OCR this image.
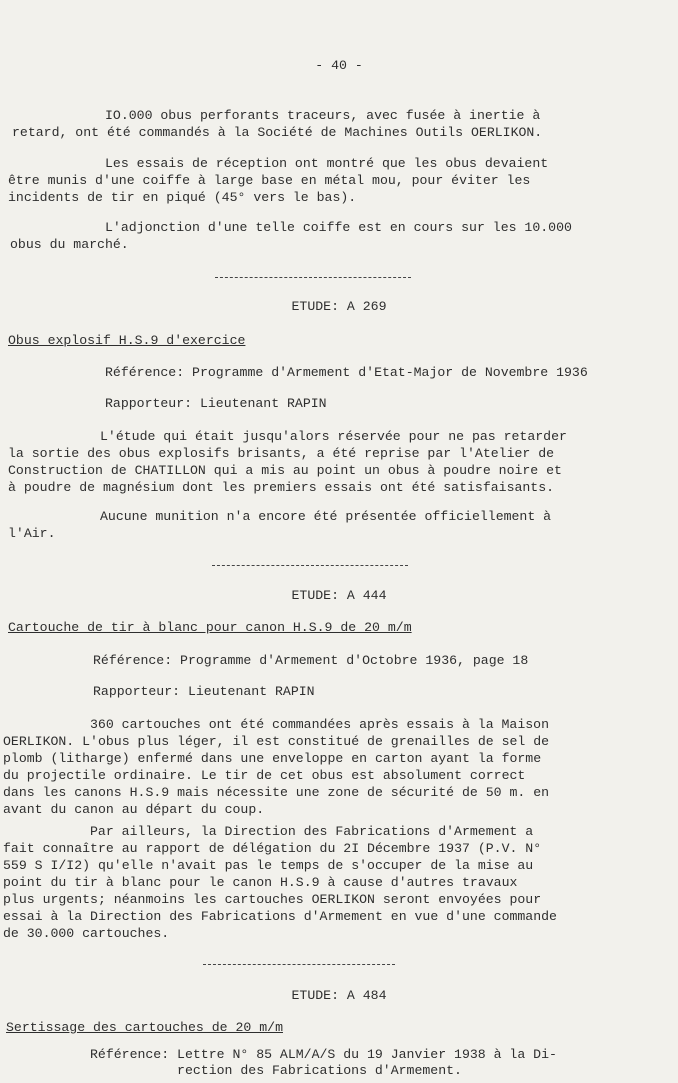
- 40 -

IO.000 obus perforants traceurs, avec fusée à inertie à
retard, ont été commandés à la Société de Machines Outils OERLIKON.

Les essais de réception ont montré que les obus devaient
être munis d'une coiffe à large base en métal mou, pour éviter les
incidents de tir en piqué (45° vers le bas).

L'adjonction d'une telle coiffe est en cours sur les 10.000
obus du marché.

ETUDE: A 269
Obus explosif H.S.9 d'exercice
Référence: Programme d'Armement d'Etat-Major de Novembre 1936
Rapporteur: Lieutenant RAPIN

L'étude qui était jusqu'alors réservée pour ne pas retarder
la sortie des obus explosifs brisants, a été reprise par l'Atelier de
Construction de CHATILLON qui a mis au point un obus à poudre noire et
à poudre de magnésium dont les premiers essais ont été satisfaisants.

Aucune munition n'a encore été présentée officiellement à
l'Air.

ETUDE: A 444
Cartouche de tir à blanc pour canon H.S.9 de 20 m/m
Référence: Programme d'Armement d'Octobre 1936, page 18
Rapporteur: Lieutenant RAPIN

360 cartouches ont été commandées après essais à la Maison
OERLIKON. L'obus plus léger, il est constitué de grenailles de sel de
plomb (litharge) enfermé dans une enveloppe en carton ayant la forme
du projectile ordinaire. Le tir de cet obus est absolument correct
dans les canons H.S.9 mais nécessite une zone de sécurité de 50 m. en
avant du canon au départ du coup.

Par ailleurs, la Direction des Fabrications d'Armement a
fait connaître au rapport de délégation du 2I Décembre 1937 (P.V. N°
559 S I/I2) qu'elle n'avait pas le temps de s'occuper de la mise au
point du tir à blanc pour le canon H.S.9 à cause d'autres travaux
plus urgents; néanmoins les cartouches OERLIKON seront envoyées pour
essai à la Direction des Fabrications d'Armement en vue d'une commande
de 30.000 cartouches.

ETUDE: A 484
Sertissage des cartouches de 20 m/m

Référence: Lettre N° 85 ALM/A/S du 19 Janvier 1938 à la Di-
rection des Fabrications d'Armement.
